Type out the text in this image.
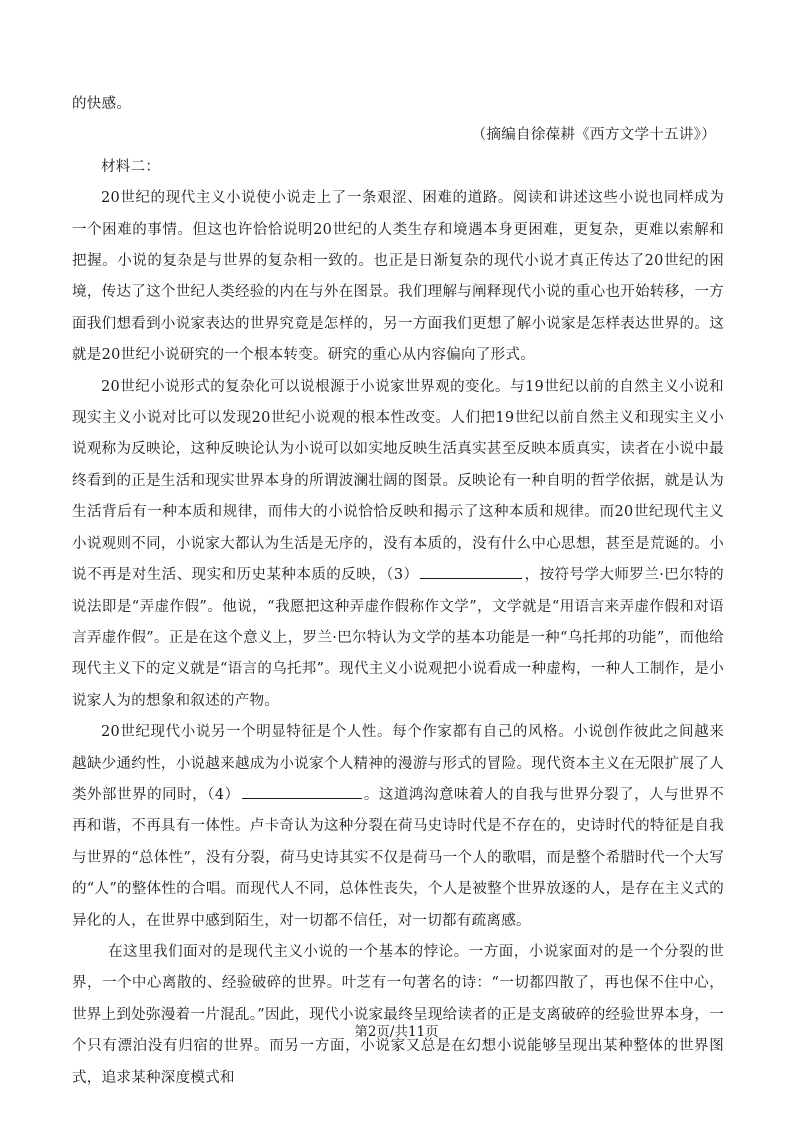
的快感。

（摘编自徐葆耕《西方文学十五讲》）

材料二：

20世纪的现代主义小说使小说走上了一条艰涩、困难的道路。阅读和讲述这些小说也同样成为一个困难的事情。但这也许恰恰说明20世纪的人类生存和境遇本身更困难，更复杂，更难以索解和把握。小说的复杂是与世界的复杂相一致的。也正是日渐复杂的现代小说才真正传达了20世纪的困境，传达了这个世纪人类经验的内在与外在图景。我们理解与阐释现代小说的重心也开始转移，一方面我们想看到小说家表达的世界究竟是怎样的，另一方面我们更想了解小说家是怎样表达世界的。这就是20世纪小说研究的一个根本转变。研究的重心从内容偏向了形式。

20世纪小说形式的复杂化可以说根源于小说家世界观的变化。与19世纪以前的自然主义小说和现实主义小说对比可以发现20世纪小说观的根本性改变。人们把19世纪以前自然主义和现实主义小说观称为反映论，这种反映论认为小说可以如实地反映生活真实甚至反映本质真实，读者在小说中最终看到的正是生活和现实世界本身的所谓波澜壮阔的图景。反映论有一种自明的哲学依据，就是认为生活背后有一种本质和规律，而伟大的小说恰恰反映和揭示了这种本质和规律。而20世纪现代主义小说观则不同，小说家大都认为生活是无序的，没有本质的，没有什么中心思想，甚至是荒诞的。小说不再是对生活、现实和历史某种本质的反映，（3）	，按符号学大师罗兰·巴尔特的说法即是“弄虚作假”。他说，“我愿把这种弄虚作假称作文学”，文学就是“用语言来弄虚作假和对语言弄虚作假”。正是在这个意义上，罗兰·巴尔特认为文学的基本功能是一种“乌托邦的功能”，而他给现代主义下的定义就是“语言的乌托邦”。现代主义小说观把小说看成一种虚构，一种人工制作，是小说家人为的想象和叙述的产物。

20世纪现代小说另一个明显特征是个人性。每个作家都有自己的风格。小说创作彼此之间越来越缺少通约性，小说越来越成为小说家个人精神的漫游与形式的冒险。现代资本主义在无限扩展了人类外部世界的同时，（4）	。这道鸿沟意味着人的自我与世界分裂了，人与世界不再和谐，不再具有一体性。卢卡奇认为这种分裂在荷马史诗时代是不存在的，史诗时代的特征是自我与世界的“总体性”，没有分裂，荷马史诗其实不仅是荷马一个人的歌唱，而是整个希腊时代一个大写的“人”的整体性的合唱。而现代人不同，总体性丧失，个人是被整个世界放逐的人，是存在主义式的异化的人，在世界中感到陌生，对一切都不信任，对一切都有疏离感。

在这里我们面对的是现代主义小说的一个基本的悖论。一方面，小说家面对的是一个分裂的世界，一个中心离散的、经验破碎的世界。叶芝有一句著名的诗：“一切都四散了，再也保不住中心，世界上到处弥漫着一片混乱。”因此，现代小说家最终呈现给读者的正是支离破碎的经验世界本身，一个只有漂泊没有归宿的世界。而另一方面，小说家又总是在幻想小说能够呈现出某种整体的世界图式，追求某种深度模式和

第2页/共11页
